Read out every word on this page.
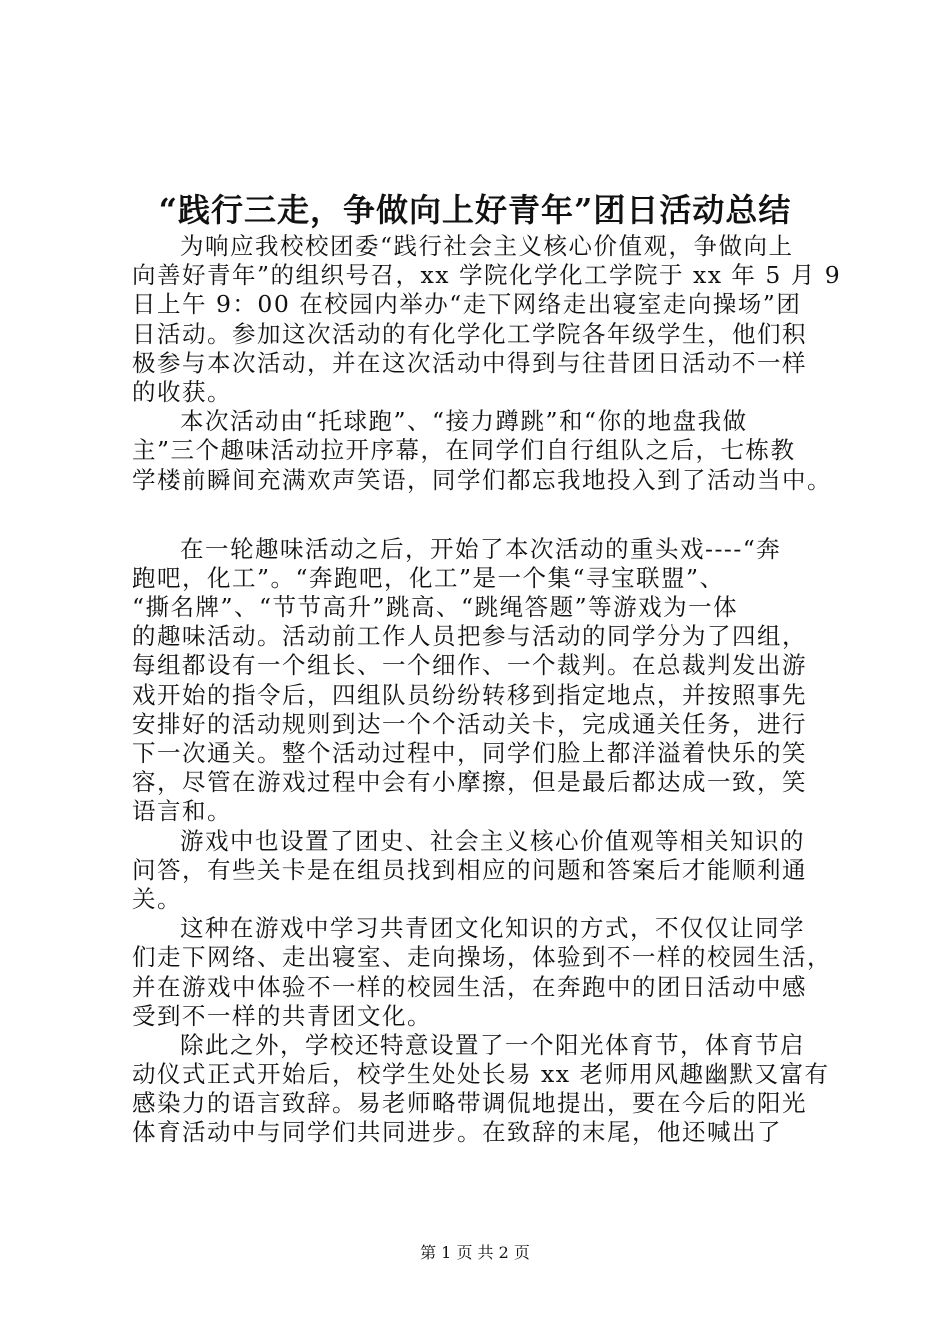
“践行三走，争做向上好青年”团日活动总结

为响应我校校团委“践行社会主义核心价值观，争做向上
向善好青年”的组织号召，xx 学院化学化工学院于 xx 年 5 月 9
日上午 9：00 在校园内举办“走下网络走出寝室走向操场”团
日活动。参加这次活动的有化学化工学院各年级学生，他们积
极参与本次活动，并在这次活动中得到与往昔团日活动不一样
的收获。

本次活动由“托球跑”、“接力蹲跳”和“你的地盘我做
主”三个趣味活动拉开序幕，在同学们自行组队之后，七栋教
学楼前瞬间充满欢声笑语，同学们都忘我地投入到了活动当中。

在一轮趣味活动之后，开始了本次活动的重头戏----“奔
跑吧，化工”。“奔跑吧，化工”是一个集“寻宝联盟”、
“撕名牌”、“节节高升”跳高、“跳绳答题”等游戏为一体
的趣味活动。活动前工作人员把参与活动的同学分为了四组，
每组都设有一个组长、一个细作、一个裁判。在总裁判发出游
戏开始的指令后，四组队员纷纷转移到指定地点，并按照事先
安排好的活动规则到达一个个活动关卡，完成通关任务，进行
下一次通关。整个活动过程中，同学们脸上都洋溢着快乐的笑
容，尽管在游戏过程中会有小摩擦，但是最后都达成一致，笑
语言和。

游戏中也设置了团史、社会主义核心价值观等相关知识的
问答，有些关卡是在组员找到相应的问题和答案后才能顺利通
关。

这种在游戏中学习共青团文化知识的方式，不仅仅让同学
们走下网络、走出寝室、走向操场，体验到不一样的校园生活，
并在游戏中体验不一样的校园生活，在奔跑中的团日活动中感
受到不一样的共青团文化。

除此之外，学校还特意设置了一个阳光体育节，体育节启
动仪式正式开始后，校学生处处长易 xx 老师用风趣幽默又富有
感染力的语言致辞。易老师略带调侃地提出，要在今后的阳光
体育活动中与同学们共同进步。在致辞的末尾，他还喊出了

第 1 页 共 2 页
